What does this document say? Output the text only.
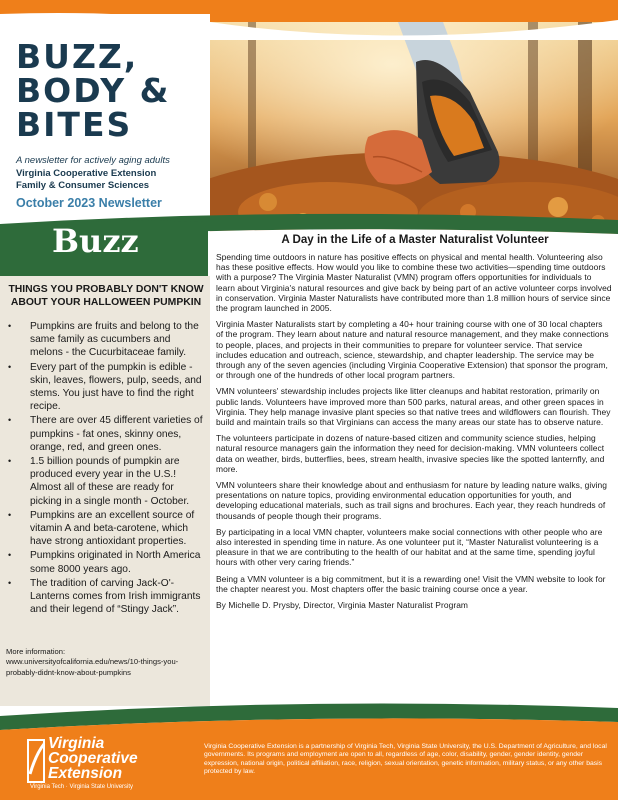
BUZZ,
BODY &
BITES

A newsletter for actively aging adults

Virginia Cooperative Extension

Family & Consumer Sciences

October 2023 Newsletter

Buzz

THINGS YOU PROBABLY DON'T KNOW ABOUT YOUR HALLOWEEN PUMPKIN
• Pumpkins are fruits and belong to the same family as cucumbers and melons - the Cucurbitaceae family.
• Every part of the pumpkin is edible - skin, leaves, flowers, pulp, seeds, and stems. You just have to find the right recipe.
• There are over 45 different varieties of pumpkins - fat ones, skinny ones, orange, red, and green ones.
• 1.5 billion pounds of pumpkin are produced every year in the U.S.! Almost all of these are ready for picking in a single month - October.
• Pumpkins are an excellent source of vitamin A and beta-carotene, which have strong antioxidant properties.
• Pumpkins originated in North America some 8000 years ago.
• The tradition of carving Jack-O'-Lanterns comes from Irish immigrants and their legend of “Stingy Jack”.

More information:
www.universityofcalifornia.edu/news/10-things-you-probably-didnt-know-about-pumpkins

A Day in the Life of a Master Naturalist Volunteer

Spending time outdoors in nature has positive effects on physical and mental health. Volunteering also has these positive effects. How would you like to combine these two activities—spending time outdoors with a purpose? The Virginia Master Naturalist (VMN) program offers opportunities for individuals to learn about Virginia's natural resources and give back by being part of an active volunteer corps involved in conservation. Virginia Master Naturalists have contributed more than 1.8 million hours of service since the program launched in 2005.

Virginia Master Naturalists start by completing a 40+ hour training course with one of 30 local chapters of the program. They learn about nature and natural resource management, and they make connections to people, places, and projects in their communities to prepare for volunteer service. That service includes education and outreach, science, stewardship, and chapter leadership. The service may be through any of the seven agencies (including Virginia Cooperative Extension) that sponsor the program, or through one of the hundreds of other local program partners.

VMN volunteers' stewardship includes projects like litter cleanups and habitat restoration, primarily on public lands. Volunteers have improved more than 500 parks, natural areas, and other green spaces in Virginia. They help manage invasive plant species so that native trees and wildflowers can flourish. They build and maintain trails so that Virginians can access the many areas our state has to observe nature.

The volunteers participate in dozens of nature-based citizen and community science studies, helping natural resource managers gain the information they need for decision-making. VMN volunteers collect data on weather, birds, butterflies, bees, stream health, invasive species like the spotted lanternfly, and more.

VMN volunteers share their knowledge about and enthusiasm for nature by leading nature walks, giving presentations on nature topics, providing environmental education opportunities for youth, and developing educational materials, such as trail signs and brochures. Each year, they reach hundreds of thousands of people though their programs.

By participating in a local VMN chapter, volunteers make social connections with other people who are also interested in spending time in nature. As one volunteer put it, “Master Naturalist volunteering is a pleasure in that we are contributing to the health of our habitat and at the same time, spending joyful hours with other very caring friends.”

Being a VMN volunteer is a big commitment, but it is a rewarding one! Visit the VMN website to look for the chapter nearest you. Most chapters offer the basic training course once a year.

By Michelle D. Prysby, Director, Virginia Master Naturalist Program

Virginia

Cooperative

Extension

Virginia Tech · Virginia State University

Virginia Cooperative Extension is a partnership of Virginia Tech, Virginia State University, the U.S. Department of Agriculture, and local governments. Its programs and employment are open to all, regardless of age, color, disability, gender, gender identity, gender expression, national origin, political affiliation, race, religion, sexual orientation, genetic information, military status, or any other basis protected by law.
